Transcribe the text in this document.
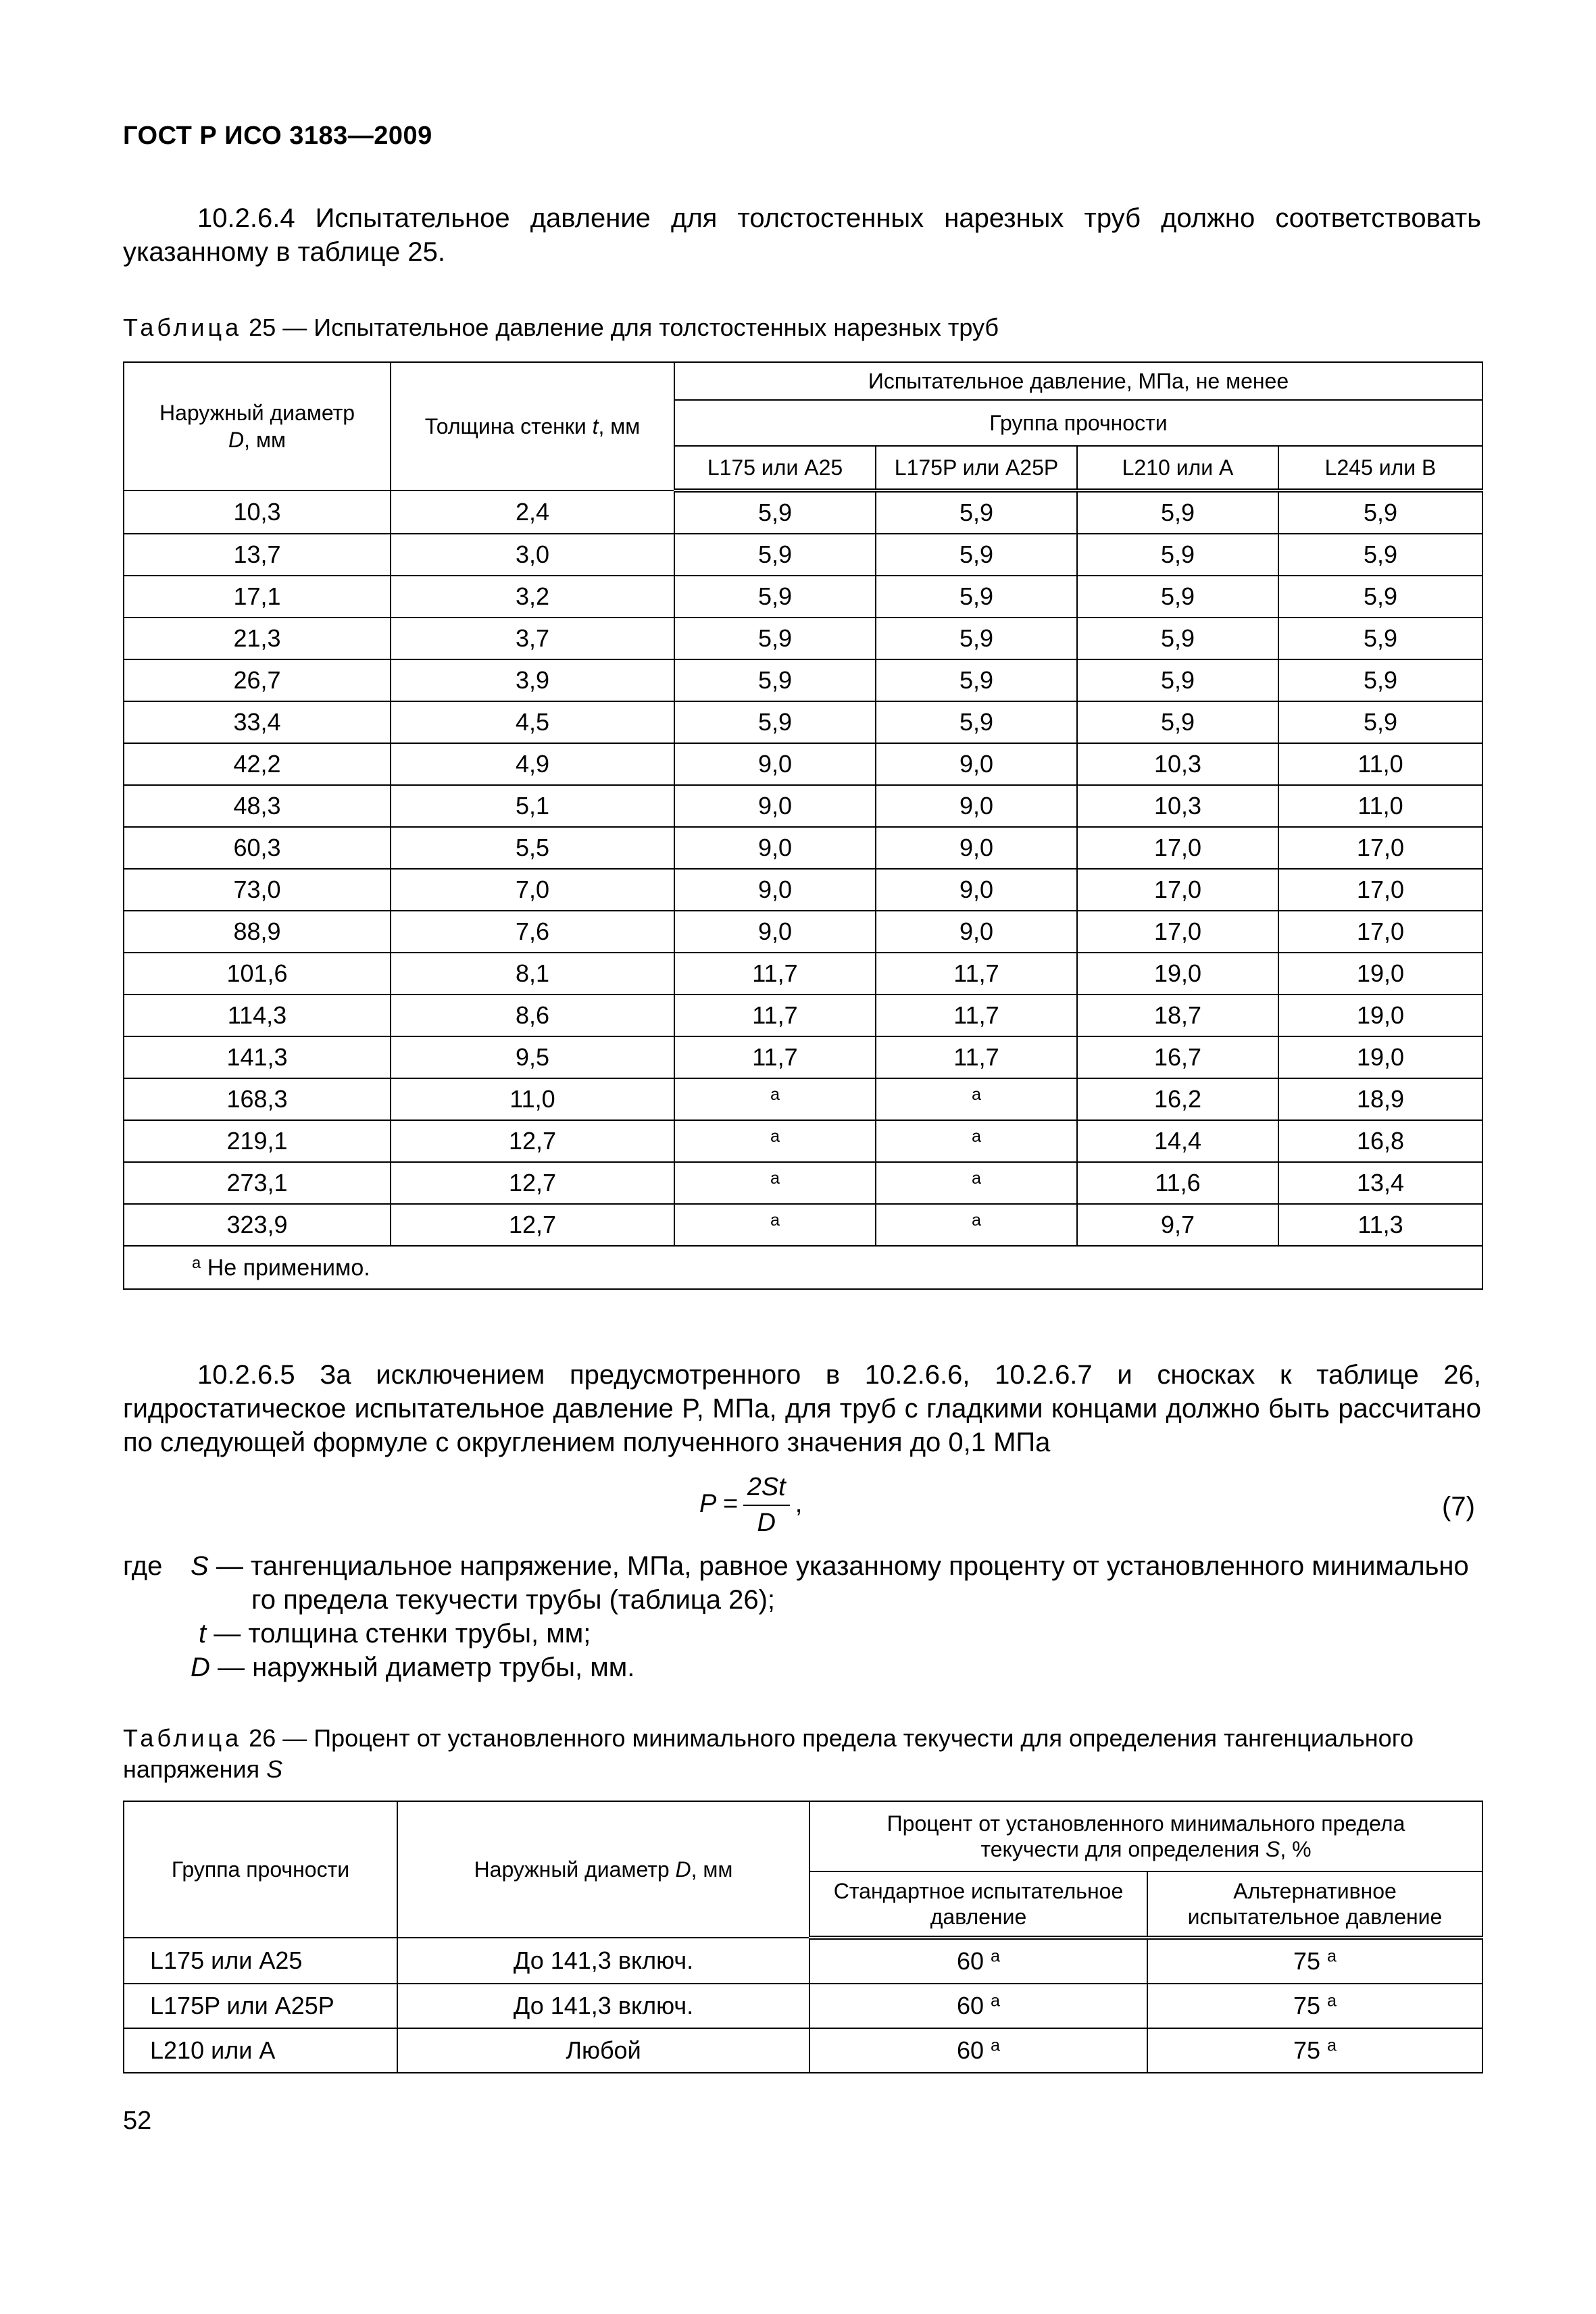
ГОСТ Р ИСО 3183—2009
10.2.6.4 Испытательное давление для толстостенных нарезных труб должно соответствовать указанному в таблице 25.
Таблица 25 — Испытательное давление для толстостенных нарезных труб
Наружный диаметр
D, мм	Толщина стенки t, мм	Испытательное давление, МПа, не менее			
		Группа прочности			
		L175 или A25	L175P или A25P	L210 или A	L245 или B
10,3	2,4	5,9	5,9	5,9	5,9
13,7	3,0	5,9	5,9	5,9	5,9
17,1	3,2	5,9	5,9	5,9	5,9
21,3	3,7	5,9	5,9	5,9	5,9
26,7	3,9	5,9	5,9	5,9	5,9
33,4	4,5	5,9	5,9	5,9	5,9
42,2	4,9	9,0	9,0	10,3	11,0
48,3	5,1	9,0	9,0	10,3	11,0
60,3	5,5	9,0	9,0	17,0	17,0
73,0	7,0	9,0	9,0	17,0	17,0
88,9	7,6	9,0	9,0	17,0	17,0
101,6	8,1	11,7	11,7	19,0	19,0
114,3	8,6	11,7	11,7	18,7	19,0
141,3	9,5	11,7	11,7	16,7	19,0
168,3	11,0	$^a$	$^a$	16,2	18,9
219,1	12,7	$^a$	$^a$	14,4	16,8
273,1	12,7	$^a$	$^a$	11,6	13,4
323,9	12,7	$^a$	$^a$	9,7	11,3
$^a$ Не применимо.					
10.2.6.5 За исключением предусмотренного в 10.2.6.6, 10.2.6.7 и сносках к таблице 26, гидростатическое испытательное давление P, МПа, для труб с гладкими концами должно быть рассчитано по следующей формуле с округлением полученного значения до 0,1 МПа
$P = \frac{2St}{D}$ ,	(7)
где S — тангенциальное напряжение, МПа, равное указанному проценту от установленного минимально
го предела текучести трубы (таблица 26);
t — толщина стенки трубы, мм;
D — наружный диаметр трубы, мм.
Таблица 26 — Процент от установленного минимального предела текучести для определения тангенциального напряжения S
Группа прочности	Наружный диаметр D, мм	Процент от установленного минимального предела текучести для определения S, %	
		Стандартное испытательное давление	Альтернативное испытательное давление
L175 или A25	До 141,3 включ.	60 $^a$	75 $^a$
L175P или A25P	До 141,3 включ.	60 $^a$	75 $^a$
L210 или A	Любой	60 $^a$	75 $^a$
52
